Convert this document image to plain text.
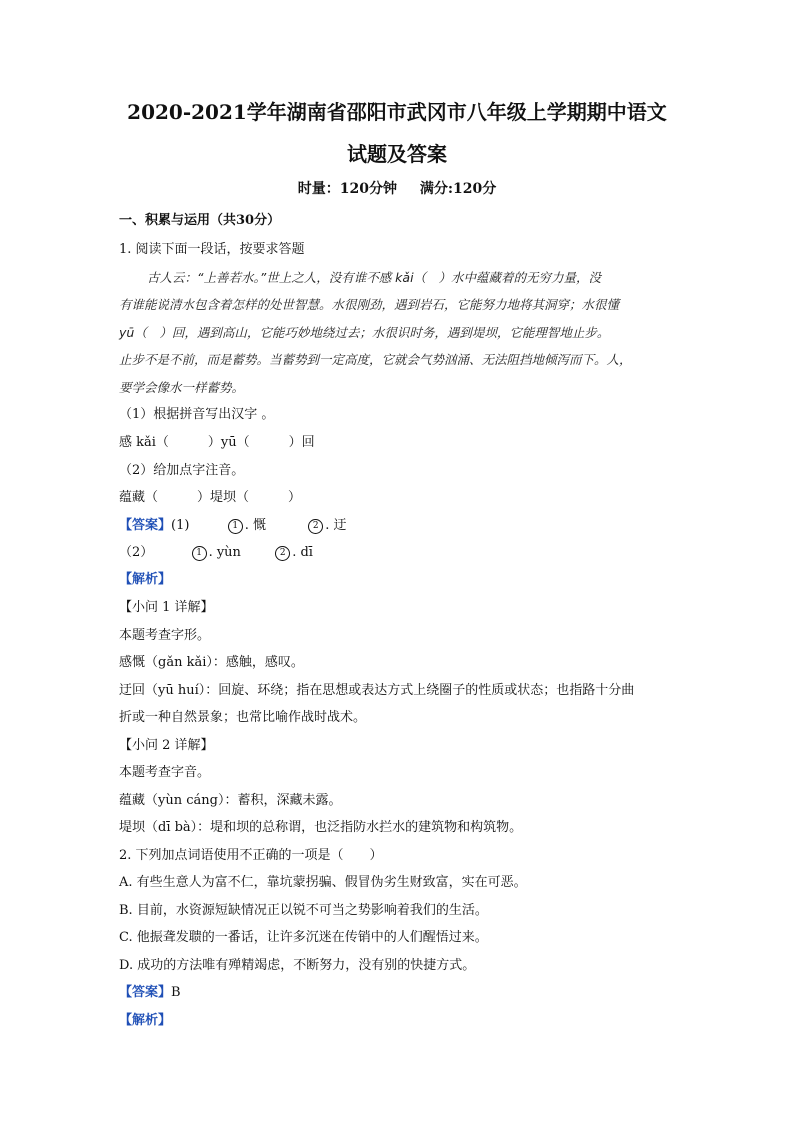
2020-2021学年湖南省邵阳市武冈市八年级上学期期中语文
试题及答案
时量：120分钟 满分:120分
一、积累与运用（共30分）
1. 阅读下面一段话，按要求答题
古人云：“上善若水。”世上之人，没有谁不感 kǎi（　）水中蕴藏着的无穷力量，没
有谁能说清水包含着怎样的处世智慧。水很刚劲，遇到岩石，它能努力地将其洞穿；水很懂
yū（　）回，遇到高山，它能巧妙地绕过去；水很识时务，遇到堤坝，它能理智地止步。
止步不是不前，而是蓄势。当蓄势到一定高度，它就会气势汹涌、无法阻挡地倾泻而下。人，
要学会像水一样蓄势。
（1）根据拼音写出汉字 。
感 kǎi（　　　）yū（　　　）回
（2）给加点字注音。
蕴藏（　　　）堤坝（　　　）
【答案】(1)	1 . 慨	2 . 迂
（2）	1 . yùn	2 . dī
【解析】
【小问 1 详解】
本题考查字形。
感慨（gǎn kǎi）：感触，感叹。
迂回（yū huí）：回旋、环绕；指在思想或表达方式上绕圈子的性质或状态；也指路十分曲
折或一种自然景象；也常比喻作战时战术。
【小问 2 详解】
本题考查字音。
蕴藏（yùn cáng）：蓄积，深藏未露。
堤坝（dī bà）：堤和坝的总称谓，也泛指防水拦水的建筑物和构筑物。
2. 下列加点词语使用不正确的一项是（　　）
A. 有些生意人为富不仁，靠坑蒙拐骗、假冒伪劣生财致富，实在可恶。
B. 目前，水资源短缺情况正以锐不可当之势影响着我们的生活。
C. 他振聋发聩的一番话，让许多沉迷在传销中的人们醒悟过来。
D. 成功的方法唯有殚精竭虑，不断努力，没有别的快捷方式。
【答案】B
【解析】
